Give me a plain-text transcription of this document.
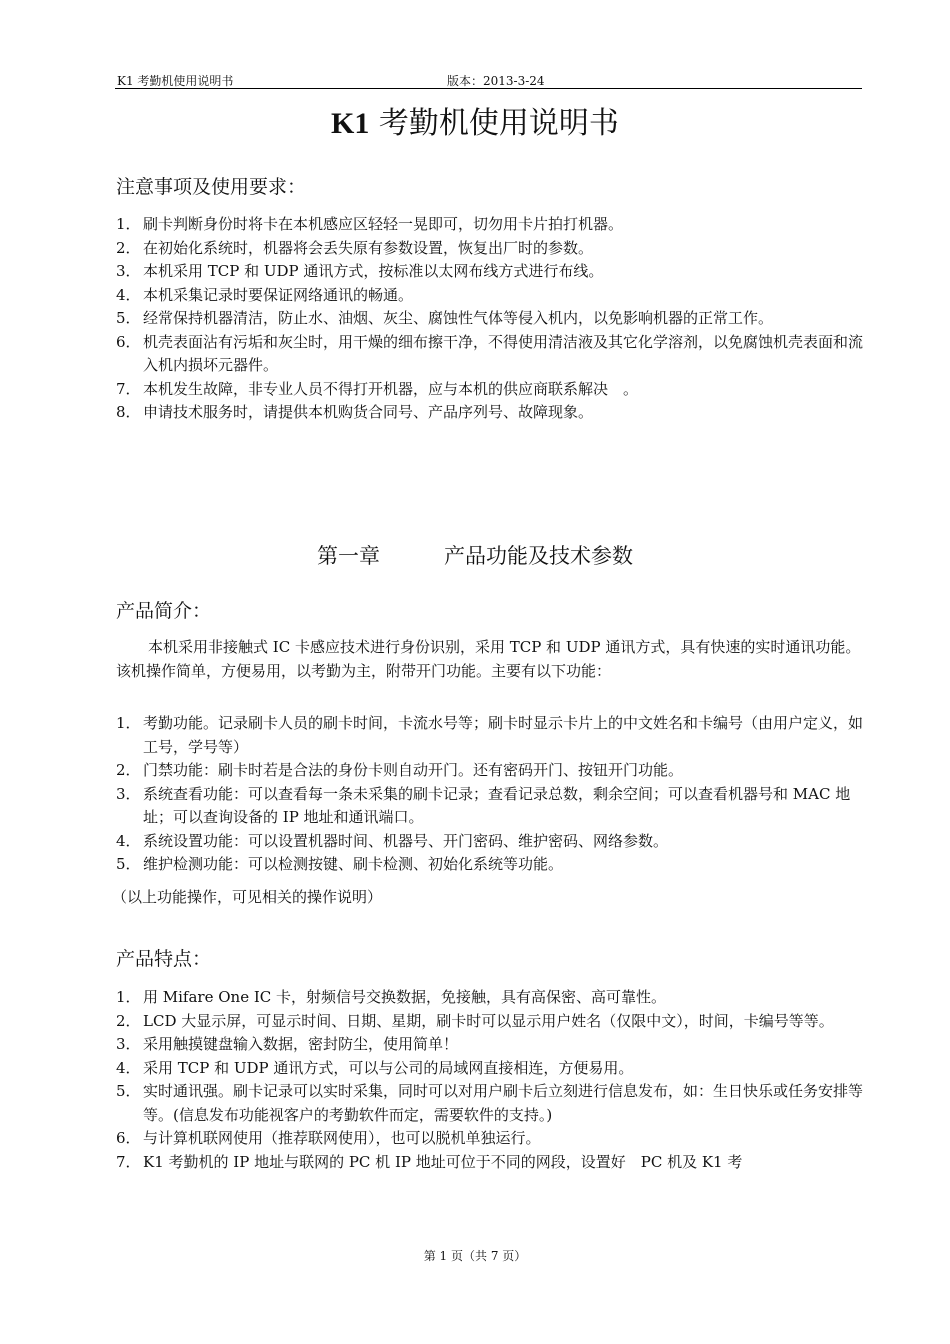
K1 考勤机使用说明书	版本：2013-3-24
K1 考勤机使用说明书
注意事项及使用要求：
1． 刷卡判断身份时将卡在本机感应区轻轻一晃即可，切勿用卡片拍打机器。
2． 在初始化系统时，机器将会丢失原有参数设置，恢复出厂时的参数。
3． 本机采用 TCP 和 UDP 通讯方式，按标准以太网布线方式进行布线。
4． 本机采集记录时要保证网络通讯的畅通。
5． 经常保持机器清洁，防止水、油烟、灰尘、腐蚀性气体等侵入机内，以免影响机器的正常工作。
6． 机壳表面沾有污垢和灰尘时，用干燥的细布擦干净，不得使用清洁液及其它化学溶剂，以免腐蚀机壳表面和流入机内损坏元器件。
7． 本机发生故障，非专业人员不得打开机器，应与本机的供应商联系解决　。
8． 申请技术服务时，请提供本机购货合同号、产品序列号、故障现象。
第一章	产品功能及技术参数
产品简介：
本机采用非接触式 IC 卡感应技术进行身份识别，采用 TCP 和 UDP 通讯方式，具有快速的实时通讯功能。该机操作简单，方便易用，以考勤为主，附带开门功能。主要有以下功能：
1． 考勤功能。记录刷卡人员的刷卡时间，卡流水号等；刷卡时显示卡片上的中文姓名和卡编号（由用户定义，如工号，学号等）
2． 门禁功能：刷卡时若是合法的身份卡则自动开门。还有密码开门、按钮开门功能。
3． 系统查看功能：可以查看每一条未采集的刷卡记录；查看记录总数，剩余空间；可以查看机器号和 MAC 地址；可以查询设备的 IP 地址和通讯端口。
4． 系统设置功能：可以设置机器时间、机器号、开门密码、维护密码、网络参数。
5． 维护检测功能：可以检测按键、刷卡检测、初始化系统等功能。
（以上功能操作，可见相关的操作说明）
产品特点：
1． 用 Mifare One IC 卡，射频信号交换数据，免接触，具有高保密、高可靠性。
2． LCD 大显示屏，可显示时间、日期、星期，刷卡时可以显示用户姓名（仅限中文），时间，卡编号等等。
3． 采用触摸键盘输入数据，密封防尘，使用简单！
4． 采用 TCP 和 UDP 通讯方式，可以与公司的局域网直接相连，方便易用。
5． 实时通讯强。刷卡记录可以实时采集，同时可以对用户刷卡后立刻进行信息发布，如：生日快乐或任务安排等等。(信息发布功能视客户的考勤软件而定，需要软件的支持。)
6． 与计算机联网使用（推荐联网使用），也可以脱机单独运行。
7． K1 考勤机的 IP 地址与联网的 PC 机 IP 地址可位于不同的网段，设置好　PC 机及 K1 考
第 1 页（共 7 页）
